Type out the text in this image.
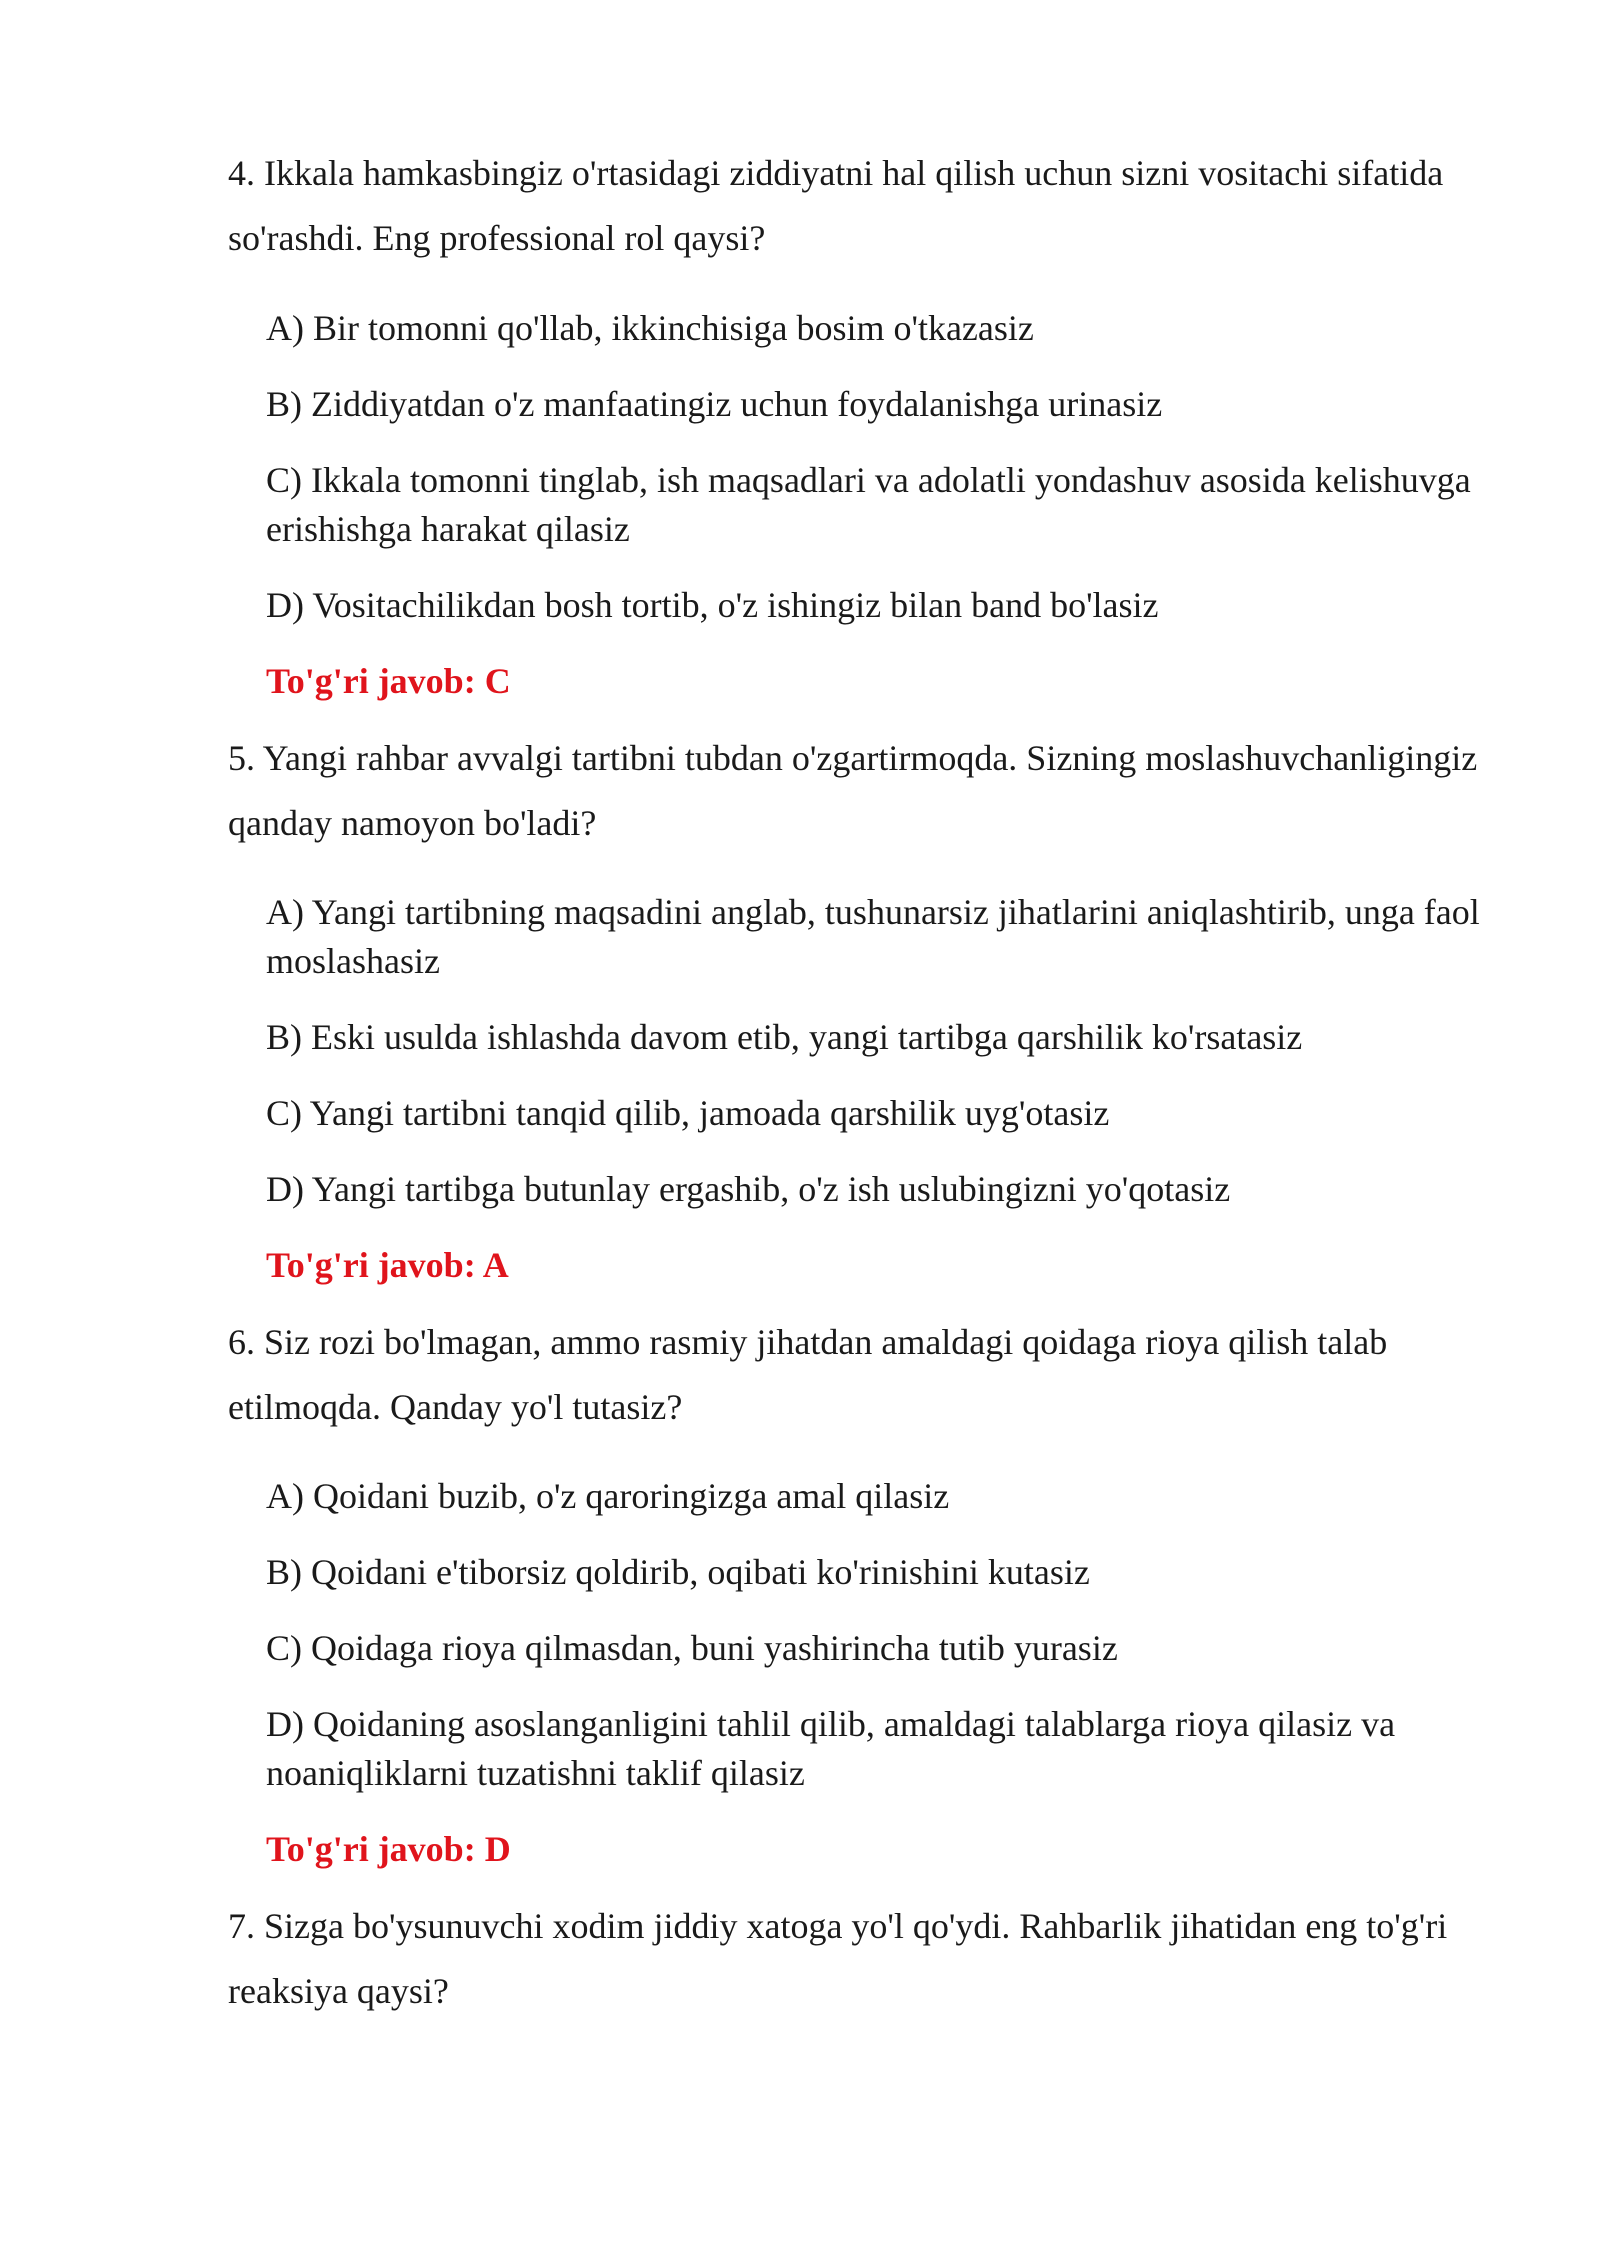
4. Ikkala hamkasbingiz o'rtasidagi ziddiyatni hal qilish uchun sizni vositachi sifatida so'rashdi. Eng professional rol qaysi?

A) Bir tomonni qo'llab, ikkinchisiga bosim o'tkazasiz

B) Ziddiyatdan o'z manfaatingiz uchun foydalanishga urinasiz

C) Ikkala tomonni tinglab, ish maqsadlari va adolatli yondashuv asosida kelishuvga erishishga harakat qilasiz

D) Vositachilikdan bosh tortib, o'z ishingiz bilan band bo'lasiz

To'g'ri javob: C

5. Yangi rahbar avvalgi tartibni tubdan o'zgartirmoqda. Sizning moslashuvchanligingiz qanday namoyon bo'ladi?

A) Yangi tartibning maqsadini anglab, tushunarsiz jihatlarini aniqlashtirib, unga faol moslashasiz

B) Eski usulda ishlashda davom etib, yangi tartibga qarshilik ko'rsatasiz

C) Yangi tartibni tanqid qilib, jamoada qarshilik uyg'otasiz

D) Yangi tartibga butunlay ergashib, o'z ish uslubingizni yo'qotasiz

To'g'ri javob: A

6. Siz rozi bo'lmagan, ammo rasmiy jihatdan amaldagi qoidaga rioya qilish talab etilmoqda. Qanday yo'l tutasiz?

A) Qoidani buzib, o'z qaroringizga amal qilasiz

B) Qoidani e'tiborsiz qoldirib, oqibati ko'rinishini kutasiz

C) Qoidaga rioya qilmasdan, buni yashirincha tutib yurasiz

D) Qoidaning asoslanganligini tahlil qilib, amaldagi talablarga rioya qilasiz va noaniqliklarni tuzatishni taklif qilasiz

To'g'ri javob: D

7. Sizga bo'ysunuvchi xodim jiddiy xatoga yo'l qo'ydi. Rahbarlik jihatidan eng to'g'ri reaksiya qaysi?
